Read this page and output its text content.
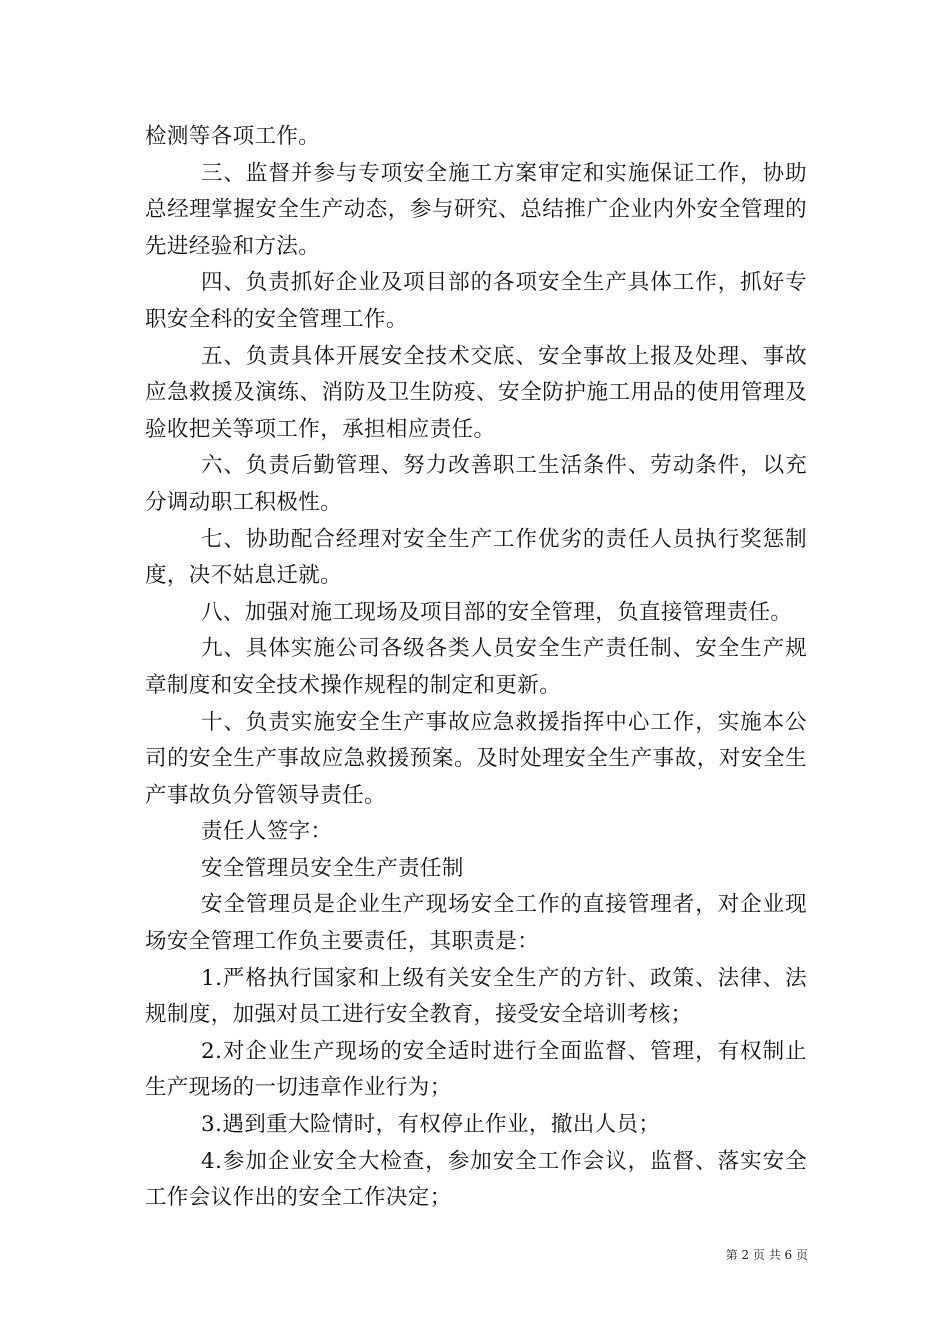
检测等各项工作。

三、监督并参与专项安全施工方案审定和实施保证工作，协助总经理掌握安全生产动态，参与研究、总结推广企业内外安全管理的先进经验和方法。

四、负责抓好企业及项目部的各项安全生产具体工作，抓好专职安全科的安全管理工作。

五、负责具体开展安全技术交底、安全事故上报及处理、事故应急救援及演练、消防及卫生防疫、安全防护施工用品的使用管理及验收把关等项工作，承担相应责任。

六、负责后勤管理、努力改善职工生活条件、劳动条件，以充分调动职工积极性。

七、协助配合经理对安全生产工作优劣的责任人员执行奖惩制度，决不姑息迁就。

八、加强对施工现场及项目部的安全管理，负直接管理责任。

九、具体实施公司各级各类人员安全生产责任制、安全生产规章制度和安全技术操作规程的制定和更新。

十、负责实施安全生产事故应急救援指挥中心工作，实施本公司的安全生产事故应急救援预案。及时处理安全生产事故，对安全生产事故负分管领导责任。

责任人签字：

安全管理员安全生产责任制

安全管理员是企业生产现场安全工作的直接管理者，对企业现场安全管理工作负主要责任，其职责是：

1.严格执行国家和上级有关安全生产的方针、政策、法律、法规制度，加强对员工进行安全教育，接受安全培训考核；

2.对企业生产现场的安全适时进行全面监督、管理，有权制止生产现场的一切违章作业行为；

3.遇到重大险情时，有权停止作业，撤出人员；

4.参加企业安全大检查，参加安全工作会议，监督、落实安全工作会议作出的安全工作决定；

第 2 页 共 6 页
